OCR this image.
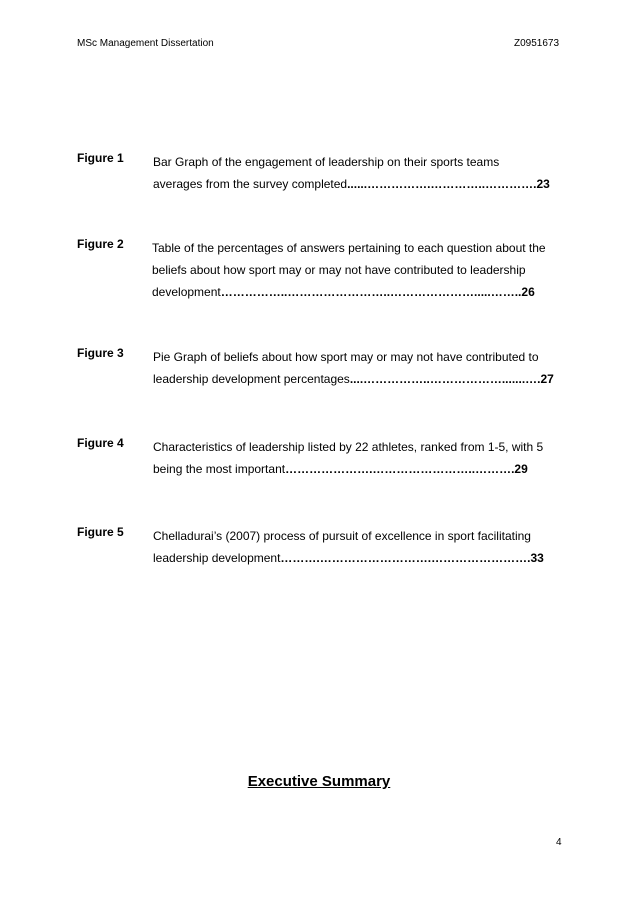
MSc Management Dissertation	Z0951673
Figure 1 Bar Graph of the engagement of leadership on their sports teams
averages from the survey completed......…………….…………..………….23
Figure 2 Table of the percentages of answers pertaining to each question about the
beliefs about how sport may or may not have contributed to leadership
development……………..……………………..………………….....……..26
Figure 3 Pie Graph of beliefs about how sport may or may not have contributed to
leadership development percentages....……………..……………….......….27
Figure 4 Characteristics of leadership listed by 22 athletes, ranked from 1-5, with 5
being the most important………………….……………………..……….29
Figure 5 Chelladurai’s (2007) process of pursuit of excellence in sport facilitating
leadership development……….……………………….…………………….33
Executive Summary
4
